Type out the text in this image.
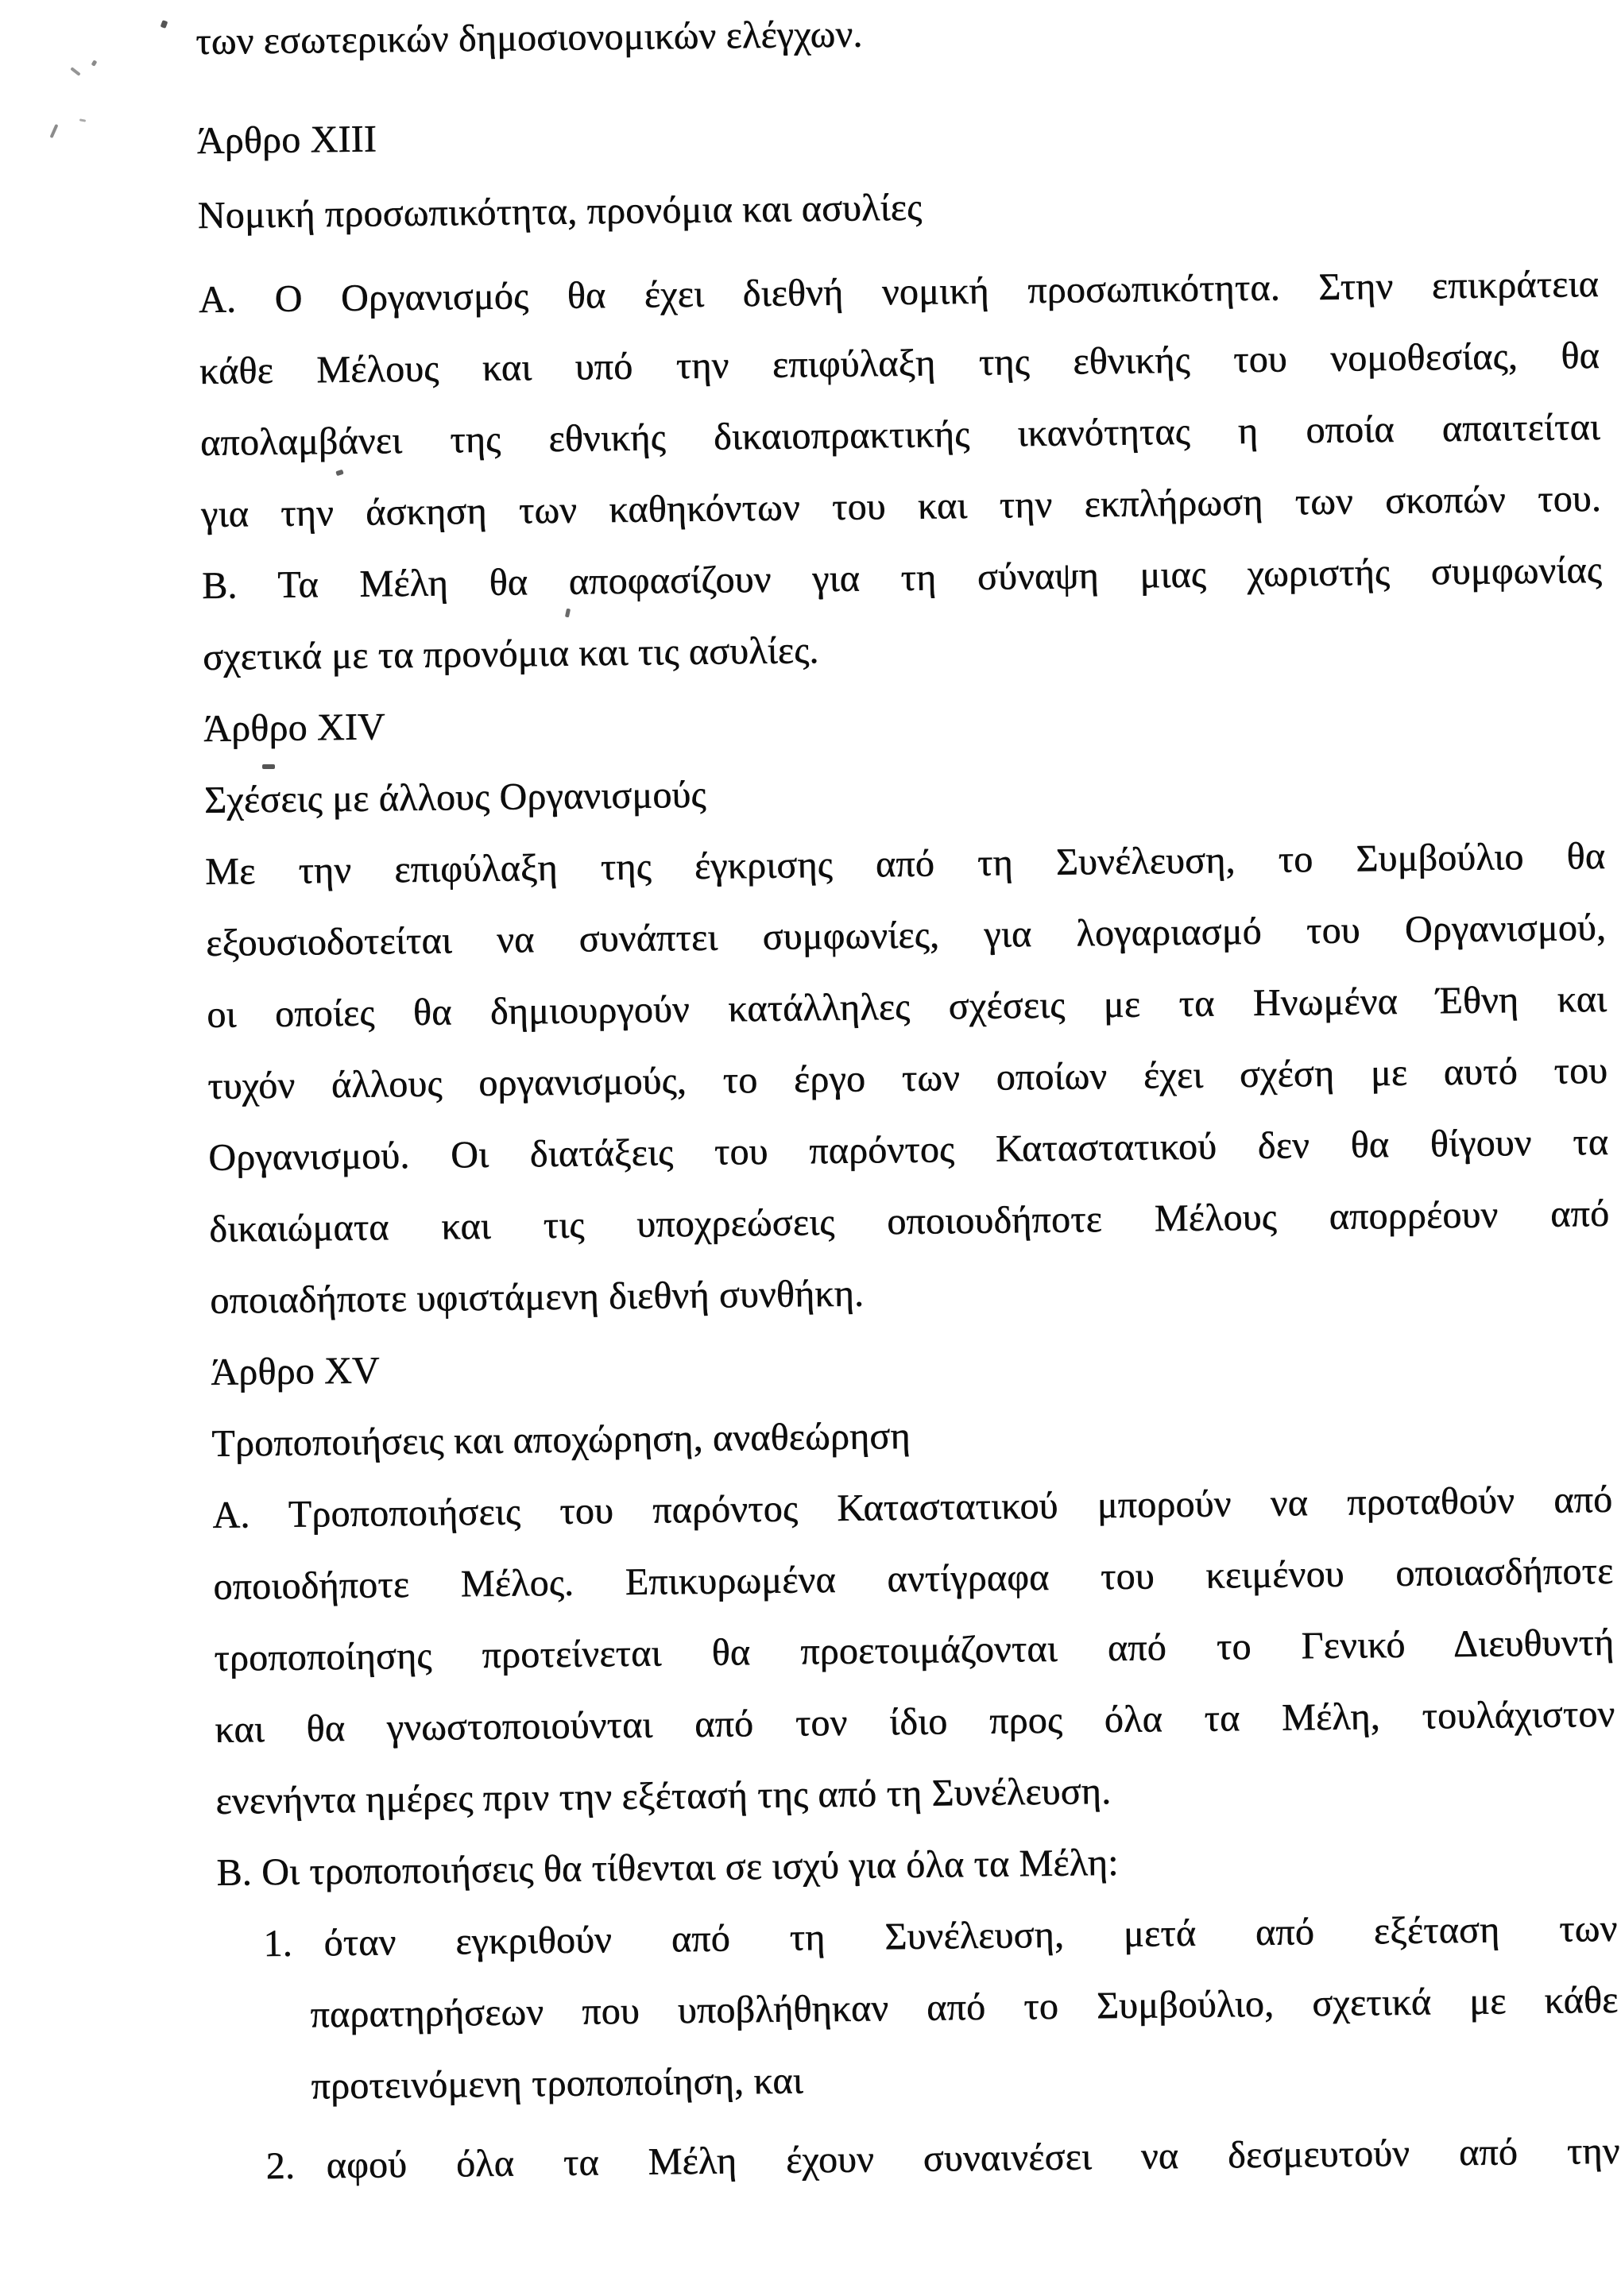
των εσωτερικών δημοσιονομικών ελέγχων.
Άρθρο XIII
Νομική προσωπικότητα, προνόμια και ασυλίες
Α. Ο Οργανισμός θα έχει διεθνή νομική προσωπικότητα. Στην επικράτεια
κάθε Μέλους και υπό την επιφύλαξη της εθνικής του νομοθεσίας, θα
απολαμβάνει της εθνικής δικαιοπρακτικής ικανότητας η οποία απαιτείται
για την άσκηση των καθηκόντων του και την εκπλήρωση των σκοπών του.
Β. Τα Μέλη θα αποφασίζουν για τη σύναψη μιας χωριστής συμφωνίας
σχετικά με τα προνόμια και τις ασυλίες.
Άρθρο XIV
Σχέσεις με άλλους Οργανισμούς
Με την επιφύλαξη της έγκρισης από τη Συνέλευση, το Συμβούλιο θα
εξουσιοδοτείται να συνάπτει συμφωνίες, για λογαριασμό του Οργανισμού,
οι οποίες θα δημιουργούν κατάλληλες σχέσεις με τα Ηνωμένα Έθνη και
τυχόν άλλους οργανισμούς, το έργο των οποίων έχει σχέση με αυτό του
Οργανισμού. Οι διατάξεις του παρόντος Καταστατικού δεν θα θίγουν τα
δικαιώματα και τις υποχρεώσεις οποιουδήποτε Μέλους απορρέουν από
οποιαδήποτε υφιστάμενη διεθνή συνθήκη.
Άρθρο XV
Τροποποιήσεις και αποχώρηση, αναθεώρηση
Α. Τροποποιήσεις του παρόντος Καταστατικού μπορούν να προταθούν από
οποιοδήποτε Μέλος. Επικυρωμένα αντίγραφα του κειμένου οποιασδήποτε
τροποποίησης προτείνεται θα προετοιμάζονται από το Γενικό Διευθυντή
και θα γνωστοποιούνται από τον ίδιο προς όλα τα Μέλη, τουλάχιστον
ενενήντα ημέρες πριν την εξέτασή της από τη Συνέλευση.
Β. Οι τροποποιήσεις θα τίθενται σε ισχύ για όλα τα Μέλη:
1. όταν εγκριθούν από τη Συνέλευση, μετά από εξέταση των
παρατηρήσεων που υποβλήθηκαν από το Συμβούλιο, σχετικά με κάθε
προτεινόμενη τροποποίηση, και
2. αφού όλα τα Μέλη έχουν συναινέσει να δεσμευτούν από την
